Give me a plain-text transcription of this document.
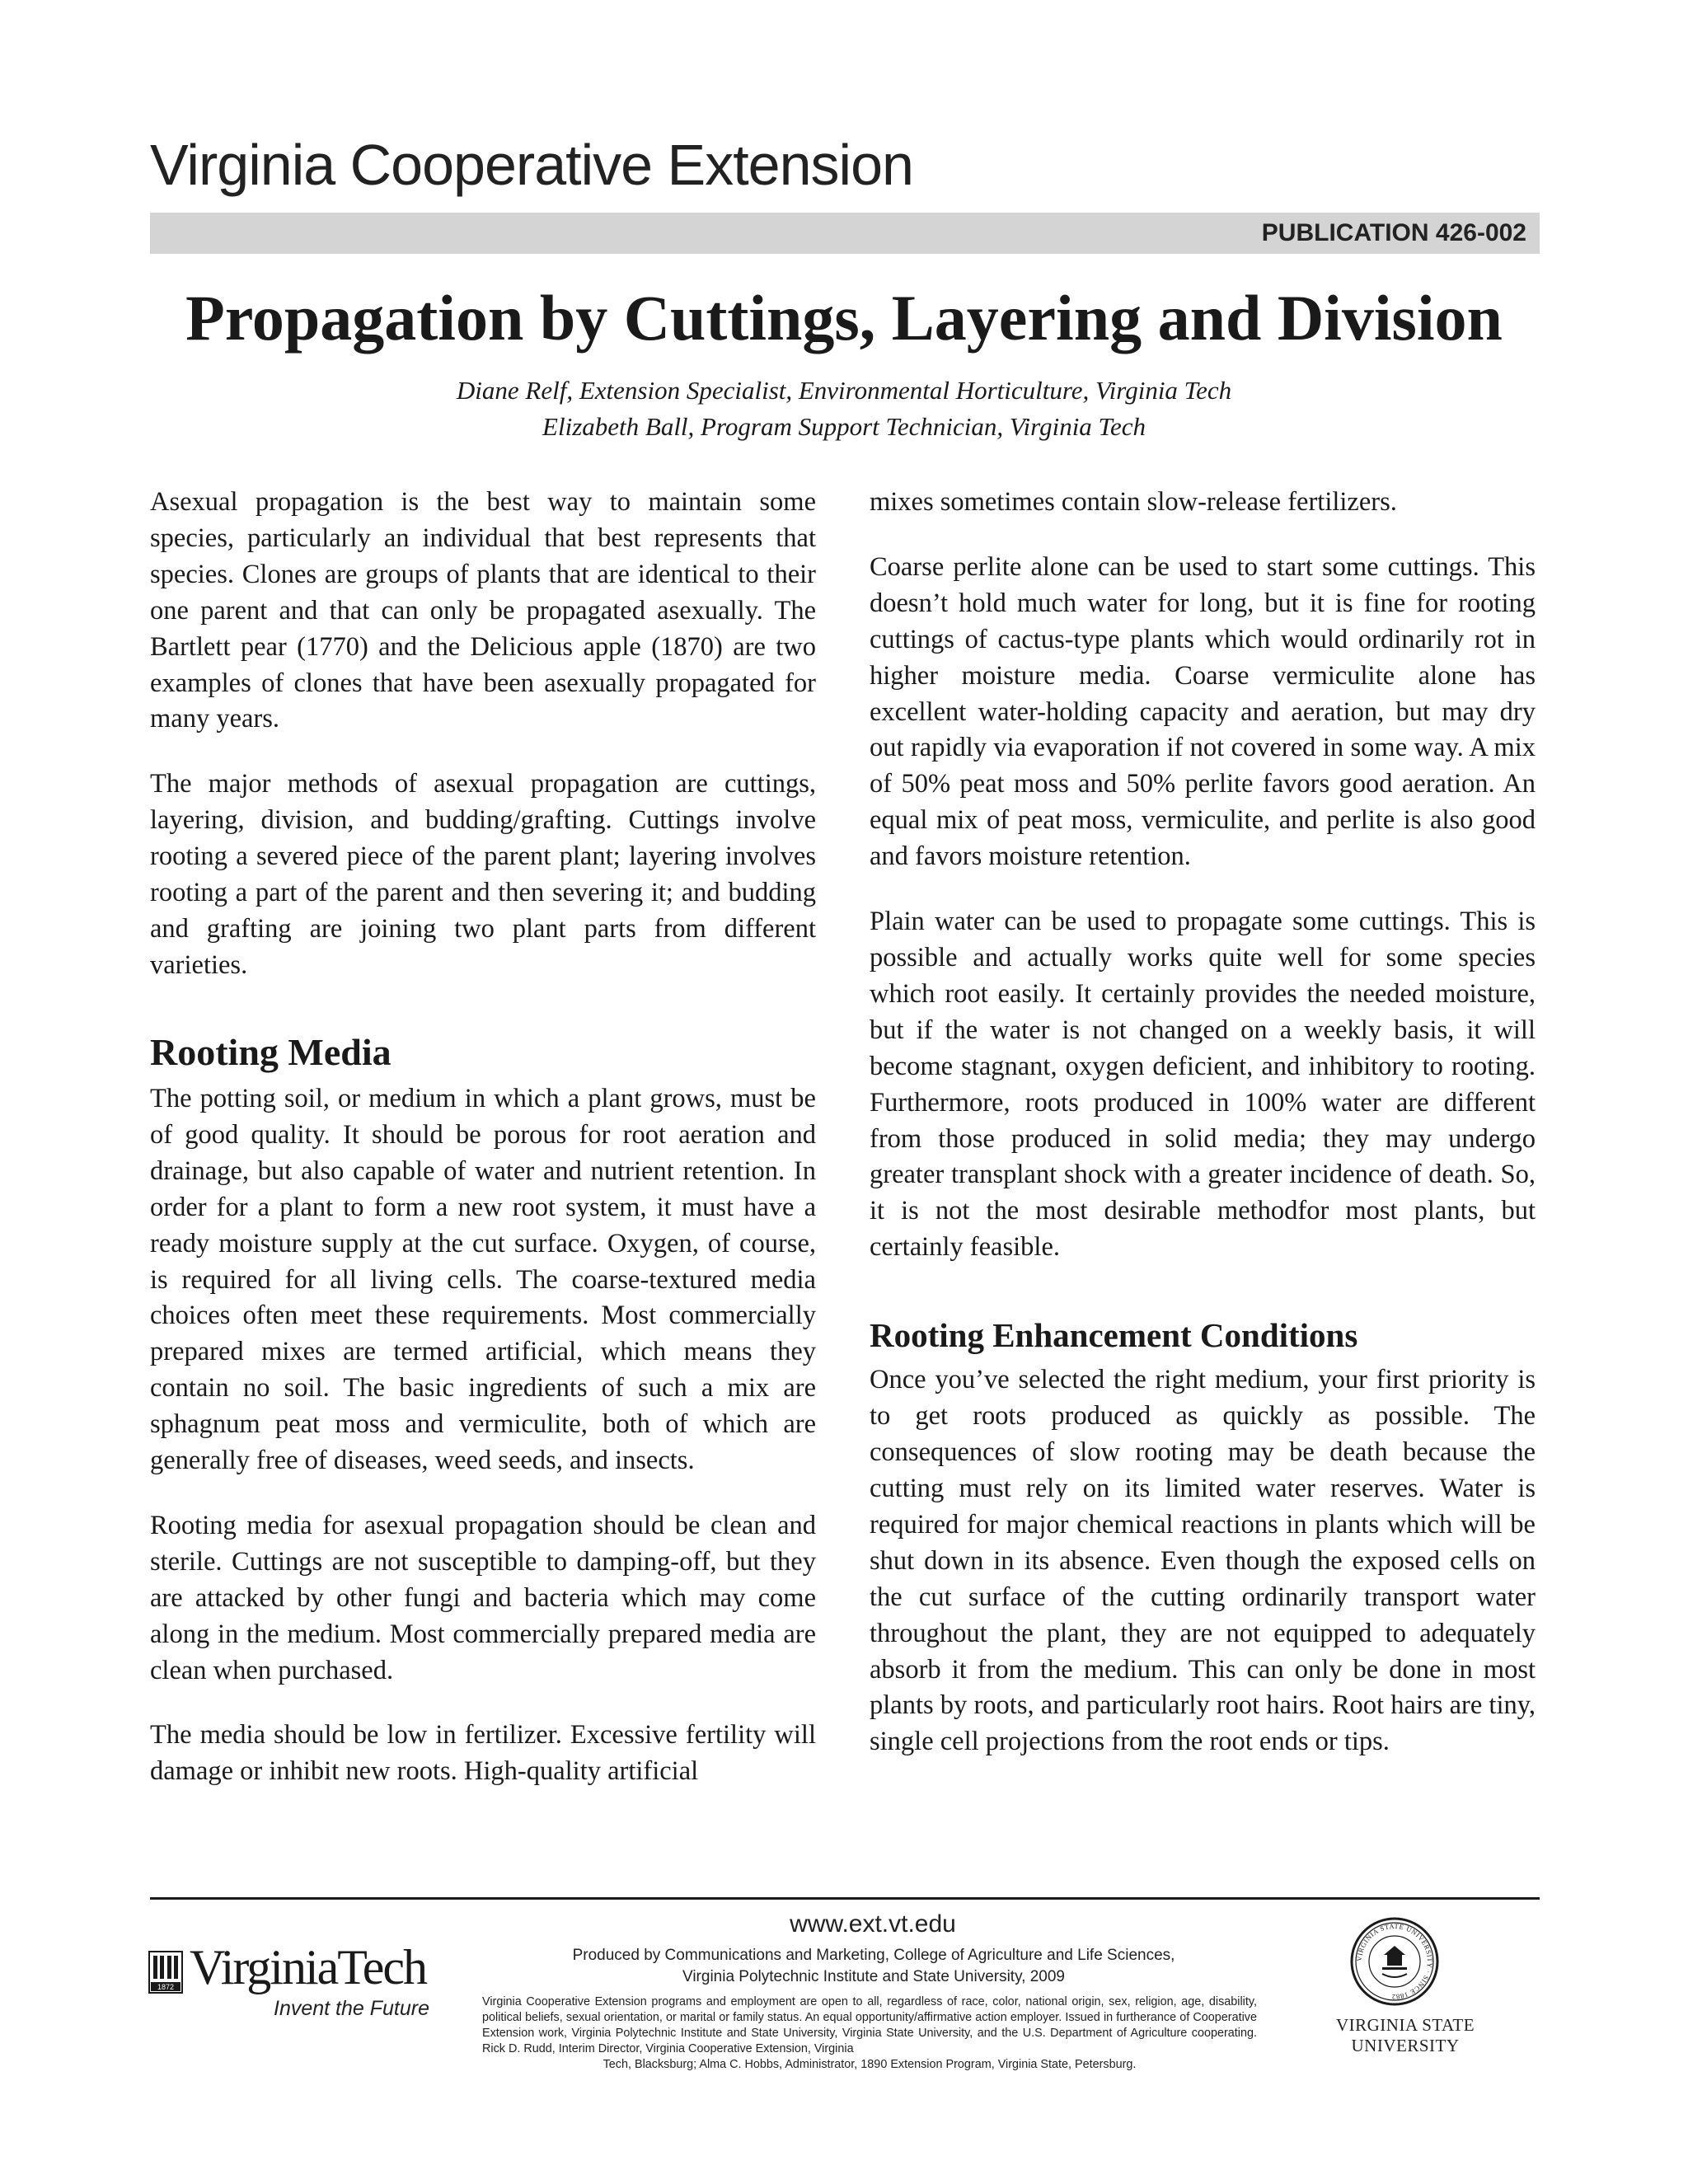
Virginia Cooperative Extension
PUBLICATION 426-002
Propagation by Cuttings, Layering and Division
Diane Relf, Extension Specialist, Environmental Horticulture, Virginia Tech
Elizabeth Ball, Program Support Technician, Virginia Tech

Asexual propagation is the best way to maintain some species, particularly an individual that best represents that species. Clones are groups of plants that are identical to their one parent and that can only be propagated asexually. The Bartlett pear (1770) and the Delicious apple (1870) are two examples of clones that have been asexually propagated for many years.

The major methods of asexual propagation are cuttings, layering, division, and budding/grafting. Cuttings involve rooting a severed piece of the parent plant; layering involves rooting a part of the parent and then severing it; and budding and grafting are joining two plant parts from different varieties.

Rooting Media

The potting soil, or medium in which a plant grows, must be of good quality. It should be porous for root aeration and drainage, but also capable of water and nutrient retention. In order for a plant to form a new root system, it must have a ready moisture supply at the cut surface. Oxygen, of course, is required for all living cells. The coarse-textured media choices often meet these requirements. Most commercially prepared mixes are termed artificial, which means they contain no soil. The basic ingredients of such a mix are sphagnum peat moss and vermiculite, both of which are generally free of diseases, weed seeds, and insects.

Rooting media for asexual propagation should be clean and sterile. Cuttings are not susceptible to damping-off, but they are attacked by other fungi and bacteria which may come along in the medium. Most commercially prepared media are clean when purchased.

The media should be low in fertilizer. Excessive fertility will damage or inhibit new roots. High-quality artificial

mixes sometimes contain slow-release fertilizers.

Coarse perlite alone can be used to start some cuttings. This doesn’t hold much water for long, but it is fine for rooting cuttings of cactus-type plants which would ordinarily rot in higher moisture media. Coarse vermiculite alone has excellent water-holding capacity and aeration, but may dry out rapidly via evaporation if not covered in some way. A mix of 50% peat moss and 50% perlite favors good aeration. An equal mix of peat moss, vermiculite, and perlite is also good and favors moisture retention.

Plain water can be used to propagate some cuttings. This is possible and actually works quite well for some species which root easily. It certainly provides the needed moisture, but if the water is not changed on a weekly basis, it will become stagnant, oxygen deficient, and inhibitory to rooting. Furthermore, roots produced in 100% water are different from those produced in solid media; they may undergo greater transplant shock with a greater incidence of death. So, it is not the most desirable methodfor most plants, but certainly feasible.

Rooting Enhancement Conditions

Once you’ve selected the right medium, your first priority is to get roots produced as quickly as possible. The consequences of slow rooting may be death because the cutting must rely on its limited water reserves. Water is required for major chemical reactions in plants which will be shut down in its absence. Even though the exposed cells on the cut surface of the cutting ordinarily transport water throughout the plant, they are not equipped to adequately absorb it from the medium. This can only be done in most plants by roots, and particularly root hairs. Root hairs are tiny, single cell projections from the root ends or tips.

www.ext.vt.edu
Produced by Communications and Marketing, College of Agriculture and Life Sciences,
Virginia Polytechnic Institute and State University, 2009
Virginia Cooperative Extension programs and employment are open to all, regardless of race, color, national origin, sex, religion, age, disability, political beliefs, sexual orientation, or marital or family status. An equal opportunity/affirmative action employer. Issued in furtherance of Cooperative Extension work, Virginia Polytechnic Institute and State University, Virginia State University, and the U.S. Department of Agriculture cooperating. Rick D. Rudd, Interim Director, Virginia Cooperative Extension, Virginia
Tech, Blacksburg; Alma C. Hobbs, Administrator, 1890 Extension Program, Virginia State, Petersburg.
1872 VirginiaTech
Invent the Future
VIRGINIA STATE UNIVERSITY · SINCE 1882
VIRGINIA STATE UNIVERSITY
